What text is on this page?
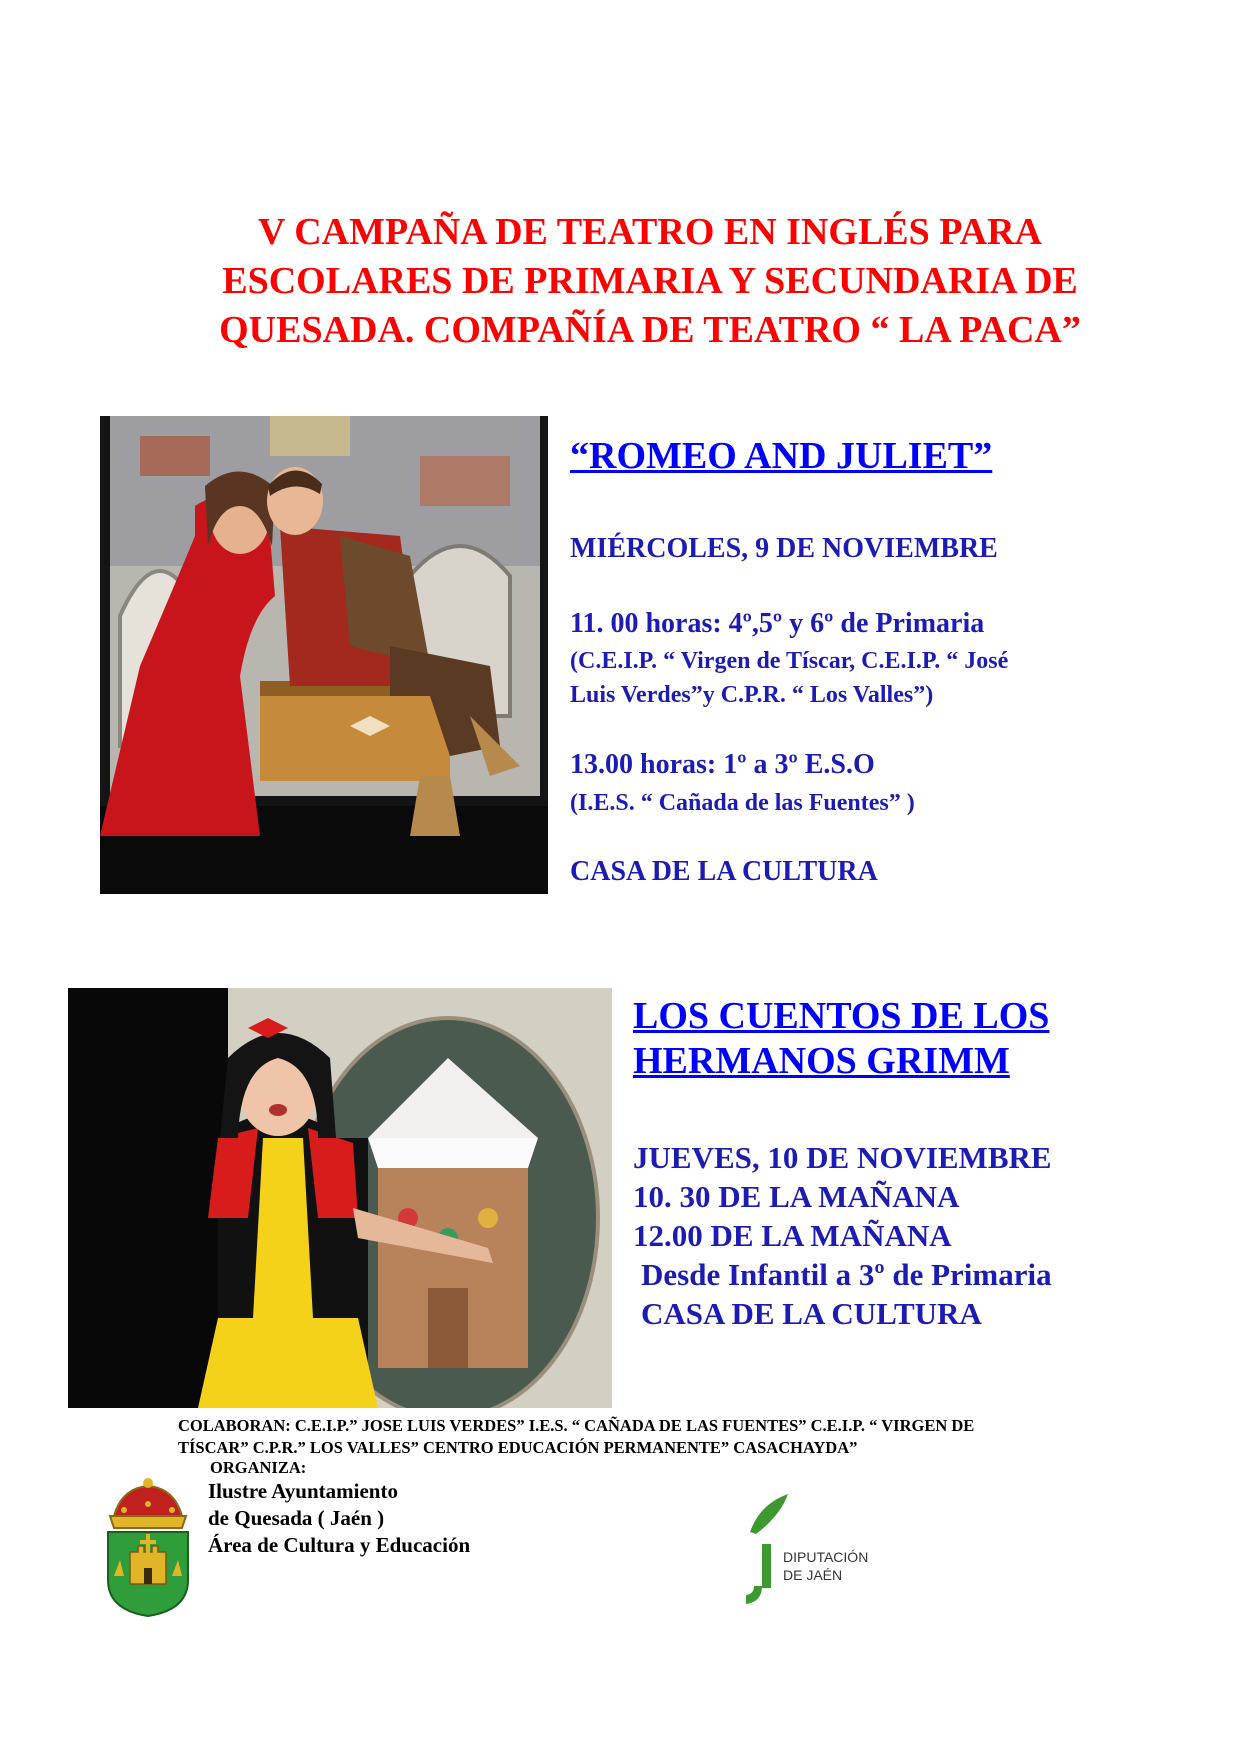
V CAMPAÑA DE TEATRO EN INGLÉS PARA
ESCOLARES DE PRIMARIA Y SECUNDARIA DE
QUESADA. COMPAÑÍA DE TEATRO “ LA PACA”
“ROMEO AND JULIET”
MIÉRCOLES, 9 DE NOVIEMBRE
11. 00 horas: 4º,5º y 6º de Primaria
(C.E.I.P. “ Virgen de Tíscar, C.E.I.P. “ José
Luis Verdes”y C.P.R. “ Los Valles”)
13.00 horas: 1º a 3º E.S.O
(I.E.S. “ Cañada de las Fuentes” )
CASA DE LA CULTURA
LOS CUENTOS DE LOS
HERMANOS GRIMM
JUEVES, 10 DE NOVIEMBRE
10. 30 DE LA MAÑANA
12.00 DE LA MAÑANA
Desde Infantil a 3º de Primaria
CASA DE LA CULTURA
COLABORAN: C.E.I.P.” JOSE LUIS VERDES” I.E.S. “ CAÑADA DE LAS FUENTES” C.E.I.P. “ VIRGEN DE
TÍSCAR” C.P.R.” LOS VALLES” CENTRO EDUCACIÓN PERMANENTE” CASACHAYDA”
ORGANIZA:
Ilustre Ayuntamiento
de Quesada ( Jaén )
Área de Cultura y Educación	DIPUTACIÓN
DE JAÉN
